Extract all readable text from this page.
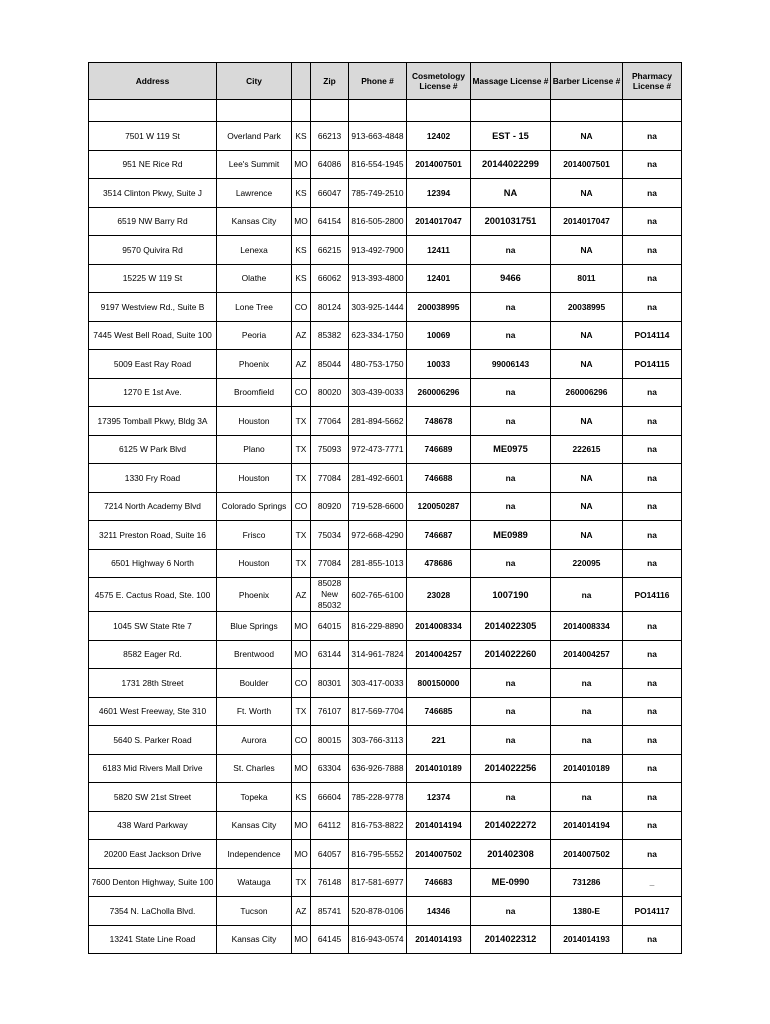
Address	City		Zip	Phone #	Cosmetology License #	Massage License #	Barber License #	Pharmacy License #

7501 W 119 St	Overland Park	KS	66213	913-663-4848	12402	EST - 15	NA	na
951 NE Rice Rd	Lee's Summit	MO	64086	816-554-1945	2014007501	20144022299	2014007501	na
3514 Clinton Pkwy, Suite J	Lawrence	KS	66047	785-749-2510	12394	NA	NA	na
6519 NW Barry Rd	Kansas City	MO	64154	816-505-2800	2014017047	2001031751	2014017047	na
9570 Quivira Rd	Lenexa	KS	66215	913-492-7900	12411	na	NA	na
15225 W 119 St	Olathe	KS	66062	913-393-4800	12401	9466	8011	na
9197 Westview Rd., Suite B	Lone Tree	CO	80124	303-925-1444	200038995	na	20038995	na
7445 West Bell Road, Suite 100	Peoria	AZ	85382	623-334-1750	10069	na	NA	PO14114
5009 East Ray Road	Phoenix	AZ	85044	480-753-1750	10033	99006143	NA	PO14115
1270 E 1st Ave.	Broomfield	CO	80020	303-439-0033	260006296	na	260006296	na
17395 Tomball Pkwy, Bldg 3A	Houston	TX	77064	281-894-5662	748678	na	NA	na
6125 W Park Blvd	Plano	TX	75093	972-473-7771	746689	ME0975	222615	na
1330 Fry Road	Houston	TX	77084	281-492-6601	746688	na	NA	na
7214 North Academy Blvd	Colorado Springs	CO	80920	719-528-6600	120050287	na	NA	na
3211 Preston Road, Suite 16	Frisco	TX	75034	972-668-4290	746687	ME0989	NA	na
6501 Highway 6 North	Houston	TX	77084	281-855-1013	478686	na	220095	na
4575 E. Cactus Road, Ste. 100	Phoenix	AZ	85028 New 85032	602-765-6100	23028	1007190	na	PO14116
1045 SW State Rte 7	Blue Springs	MO	64015	816-229-8890	2014008334	2014022305	2014008334	na
8582 Eager Rd.	Brentwood	MO	63144	314-961-7824	2014004257	2014022260	2014004257	na
1731 28th Street	Boulder	CO	80301	303-417-0033	800150000	na	na	na
4601 West Freeway, Ste 310	Ft. Worth	TX	76107	817-569-7704	746685	na	na	na
5640 S. Parker Road	Aurora	CO	80015	303-766-3113	221	na	na	na
6183 Mid Rivers Mall Drive	St. Charles	MO	63304	636-926-7888	2014010189	2014022256	2014010189	na
5820 SW 21st Street	Topeka	KS	66604	785-228-9778	12374	na	na	na
438 Ward Parkway	Kansas City	MO	64112	816-753-8822	2014014194	2014022272	2014014194	na
20200 East Jackson Drive	Independence	MO	64057	816-795-5552	2014007502	201402308	2014007502	na
7600 Denton Highway, Suite 100	Watauga	TX	76148	817-581-6977	746683	ME-0990	731286	_
7354 N. LaCholla Blvd.	Tucson	AZ	85741	520-878-0106	14346	na	1380-E	PO14117
13241 State Line Road	Kansas City	MO	64145	816-943-0574	2014014193	2014022312	2014014193	na
